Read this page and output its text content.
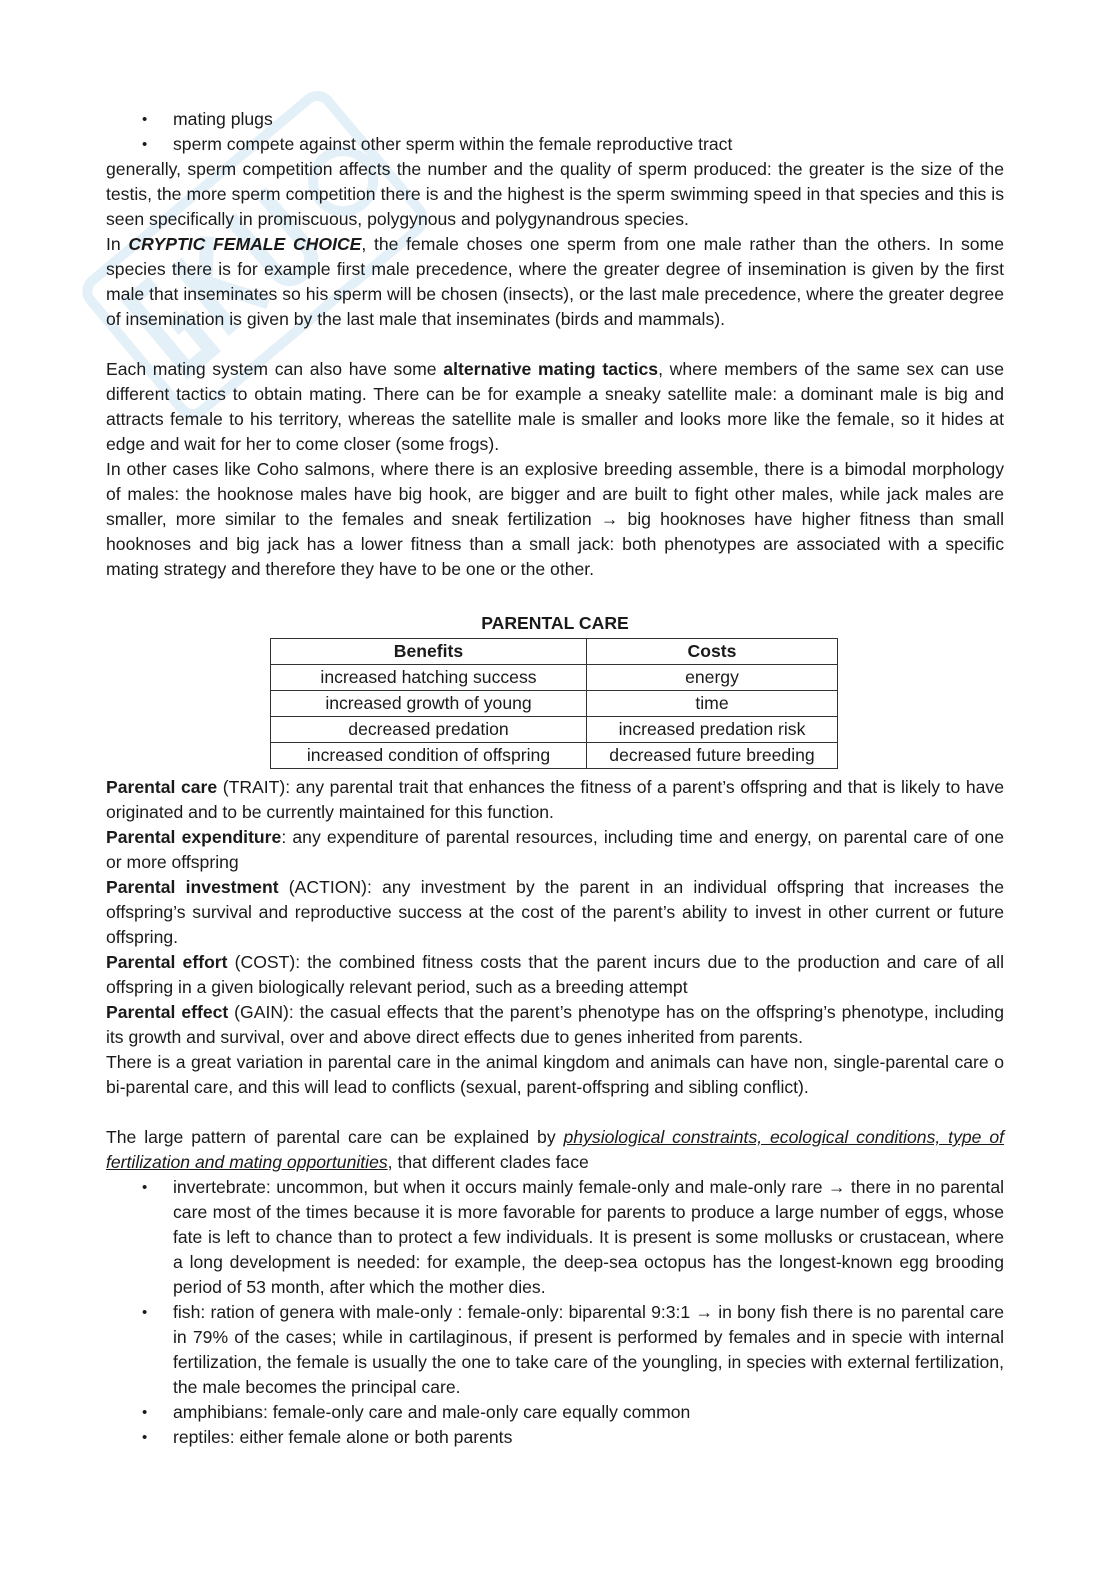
• mating plugs
• sperm compete against other sperm within the female reproductive tract

generally, sperm competition affects the number and the quality of sperm produced: the greater is the size of the testis, the more sperm competition there is and the highest is the sperm swimming speed in that species and this is seen specifically in promiscuous, polygynous and polygynandrous species.

In CRYPTIC FEMALE CHOICE, the female choses one sperm from one male rather than the others. In some species there is for example first male precedence, where the greater degree of insemination is given by the first male that inseminates so his sperm will be chosen (insects), or the last male precedence, where the greater degree of insemination is given by the last male that inseminates (birds and mammals).

Each mating system can also have some alternative mating tactics, where members of the same sex can use different tactics to obtain mating. There can be for example a sneaky satellite male: a dominant male is big and attracts female to his territory, whereas the satellite male is smaller and looks more like the female, so it hides at edge and wait for her to come closer (some frogs).

In other cases like Coho salmons, where there is an explosive breeding assemble, there is a bimodal morphology of males: the hooknose males have big hook, are bigger and are built to fight other males, while jack males are smaller, more similar to the females and sneak fertilization → big hooknoses have higher fitness than small hooknoses and big jack has a lower fitness than a small jack: both phenotypes are associated with a specific mating strategy and therefore they have to be one or the other.

PARENTAL CARE
Benefits	Costs
increased hatching success	energy
increased growth of young	time
decreased predation	increased predation risk
increased condition of offspring	decreased future breeding

Parental care (TRAIT): any parental trait that enhances the fitness of a parent’s offspring and that is likely to have originated and to be currently maintained for this function.

Parental expenditure: any expenditure of parental resources, including time and energy, on parental care of one or more offspring

Parental investment (ACTION): any investment by the parent in an individual offspring that increases the offspring’s survival and reproductive success at the cost of the parent’s ability to invest in other current or future offspring.

Parental effort (COST): the combined fitness costs that the parent incurs due to the production and care of all offspring in a given biologically relevant period, such as a breeding attempt

Parental effect (GAIN): the casual effects that the parent’s phenotype has on the offspring’s phenotype, including its growth and survival, over and above direct effects due to genes inherited from parents.

There is a great variation in parental care in the animal kingdom and animals can have non, single-parental care o bi-parental care, and this will lead to conflicts (sexual, parent-offspring and sibling conflict).

The large pattern of parental care can be explained by physiological constraints, ecological conditions, type of fertilization and mating opportunities, that different clades face

• invertebrate: uncommon, but when it occurs mainly female-only and male-only rare → there in no parental care most of the times because it is more favorable for parents to produce a large number of eggs, whose fate is left to chance than to protect a few individuals. It is present is some mollusks or crustacean, where a long development is needed: for example, the deep-sea octopus has the longest-known egg brooding period of 53 month, after which the mother dies.
• fish: ration of genera with male-only : female-only: biparental 9:3:1 → in bony fish there is no parental care in 79% of the cases; while in cartilaginous, if present is performed by females and in specie with internal fertilization, the female is usually the one to take care of the youngling, in species with external fertilization, the male becomes the principal care.
• amphibians: female-only care and male-only care equally common
• reptiles: either female alone or both parents
